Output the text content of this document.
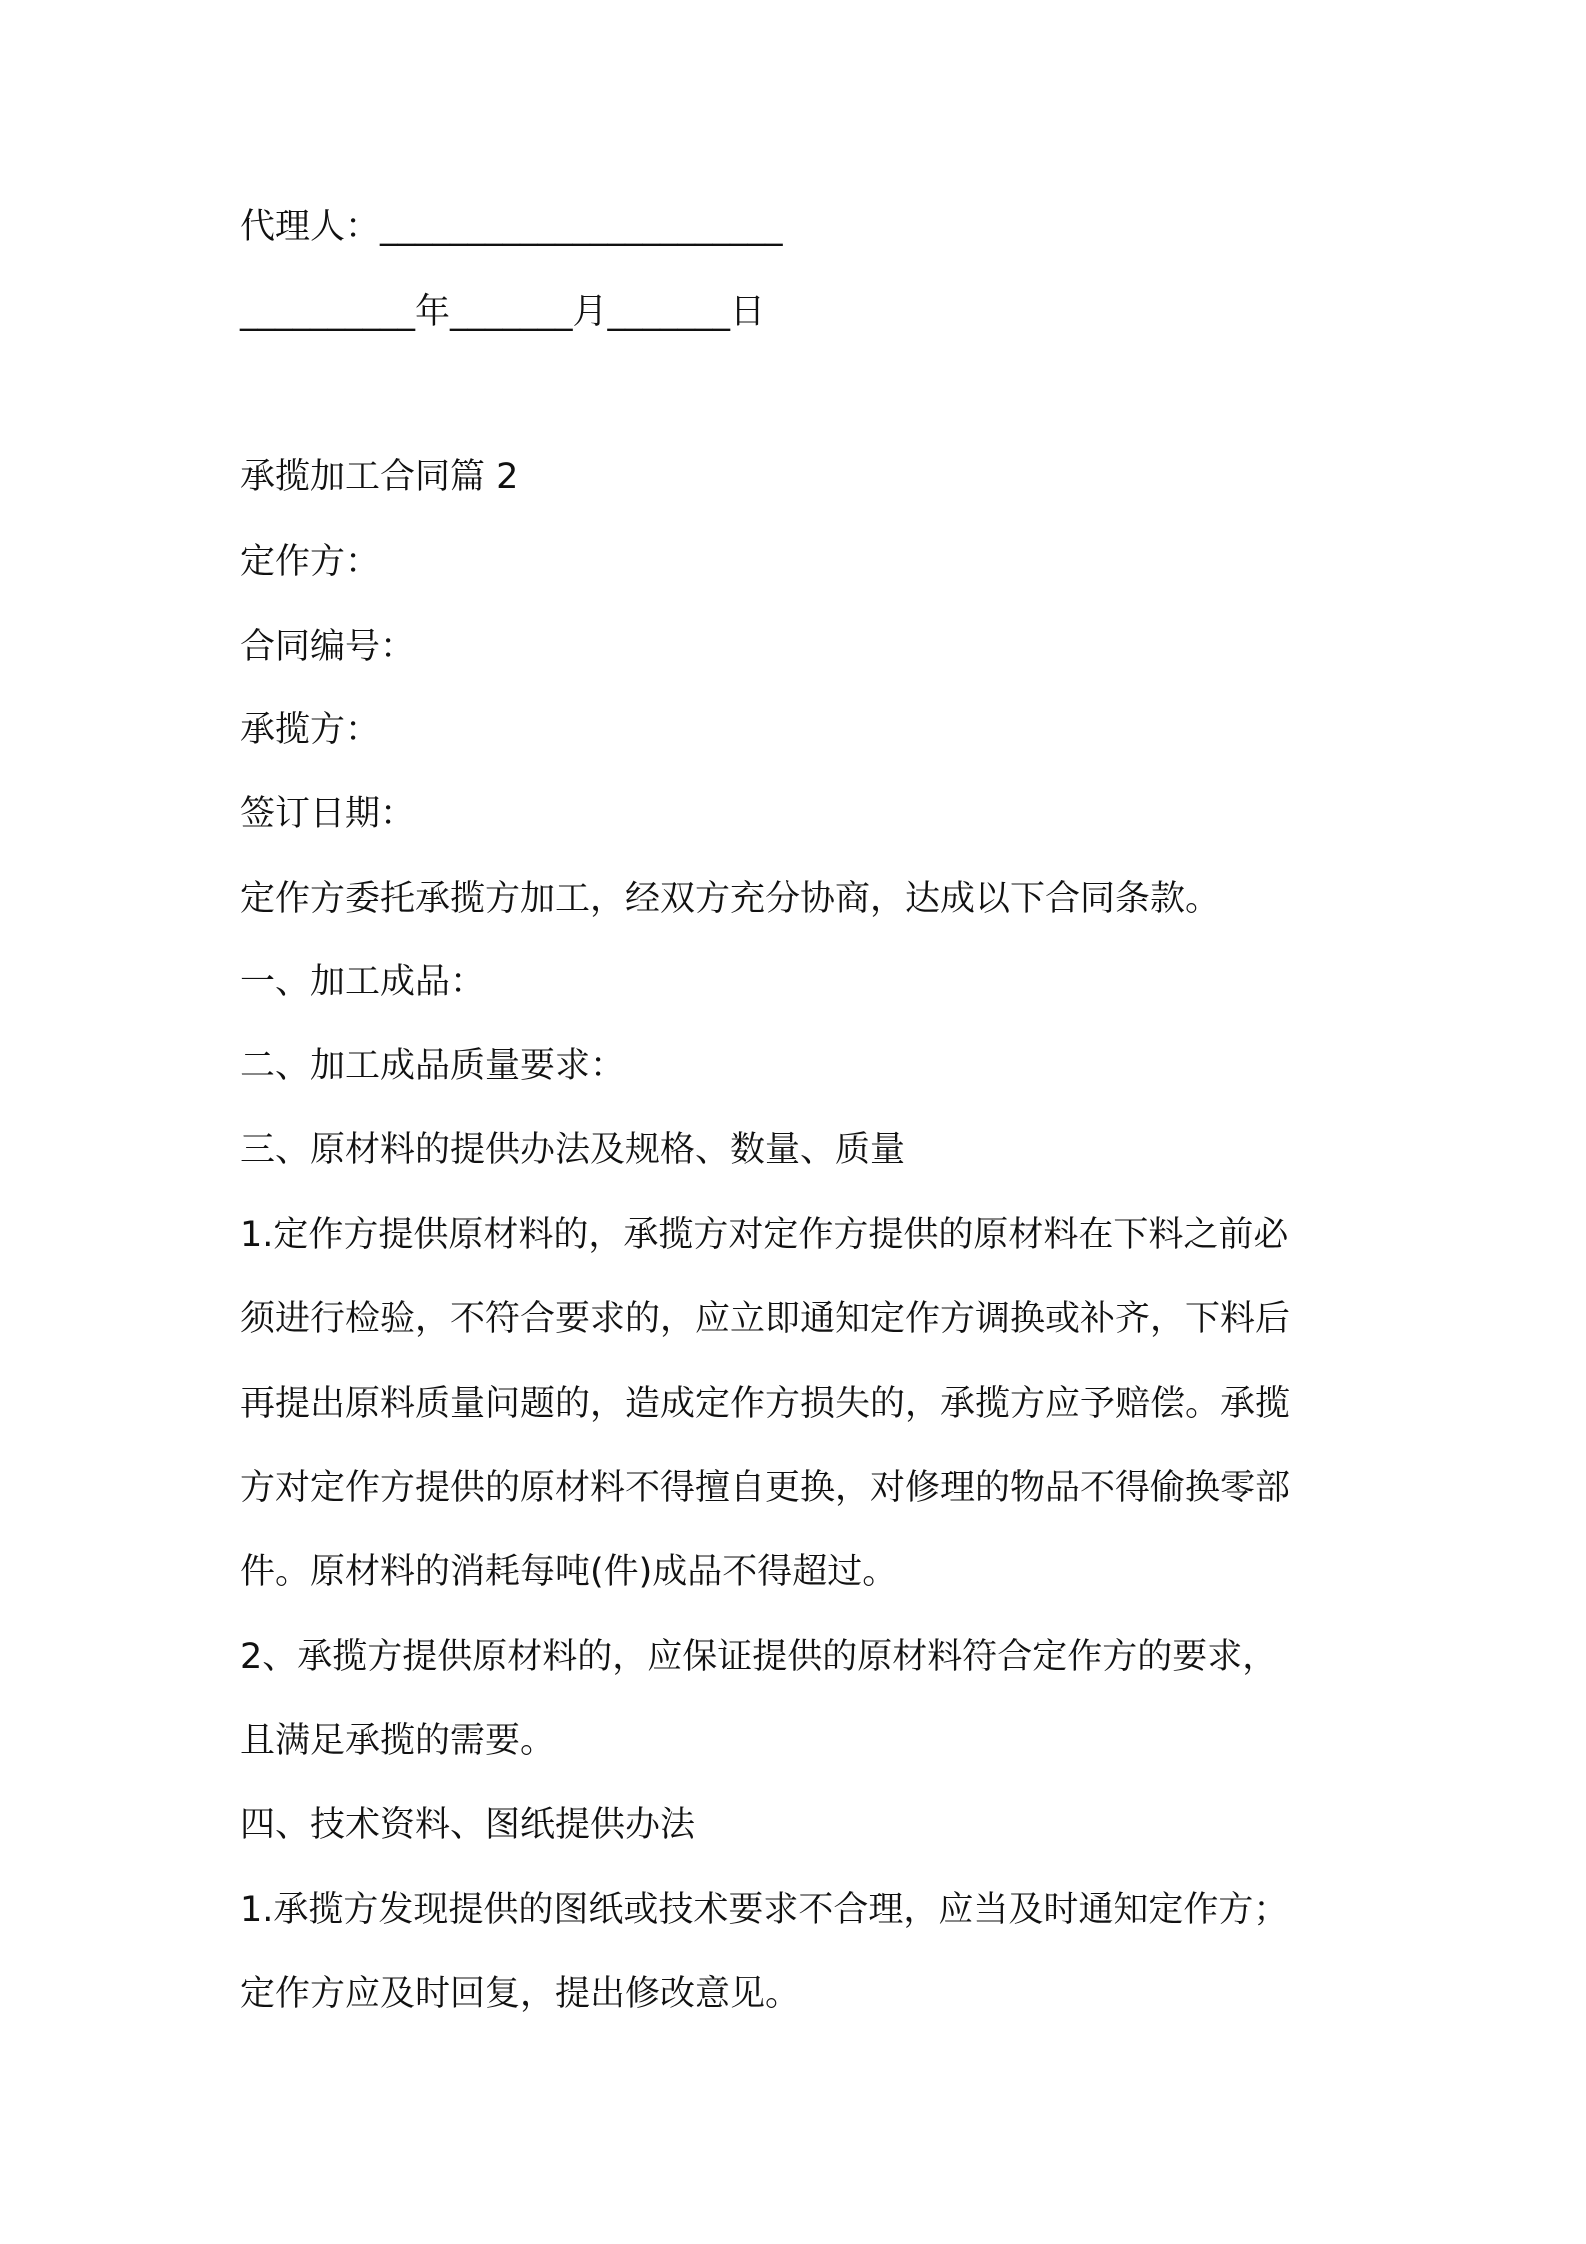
代理人：_______________________
__________年_______月_______日
承揽加工合同篇 2
定作方：
合同编号：
承揽方：
签订日期：
定作方委托承揽方加工，经双方充分协商，达成以下合同条款。
一、加工成品：
二、加工成品质量要求：
三、原材料的提供办法及规格、数量、质量
1.定作方提供原材料的，承揽方对定作方提供的原材料在下料之前必
须进行检验，不符合要求的，应立即通知定作方调换或补齐，下料后
再提出原料质量问题的，造成定作方损失的，承揽方应予赔偿。承揽
方对定作方提供的原材料不得擅自更换，对修理的物品不得偷换零部
件。原材料的消耗每吨(件)成品不得超过。
2、承揽方提供原材料的，应保证提供的原材料符合定作方的要求，
且满足承揽的需要。
四、技术资料、图纸提供办法
1.承揽方发现提供的图纸或技术要求不合理，应当及时通知定作方；
定作方应及时回复，提出修改意见。
